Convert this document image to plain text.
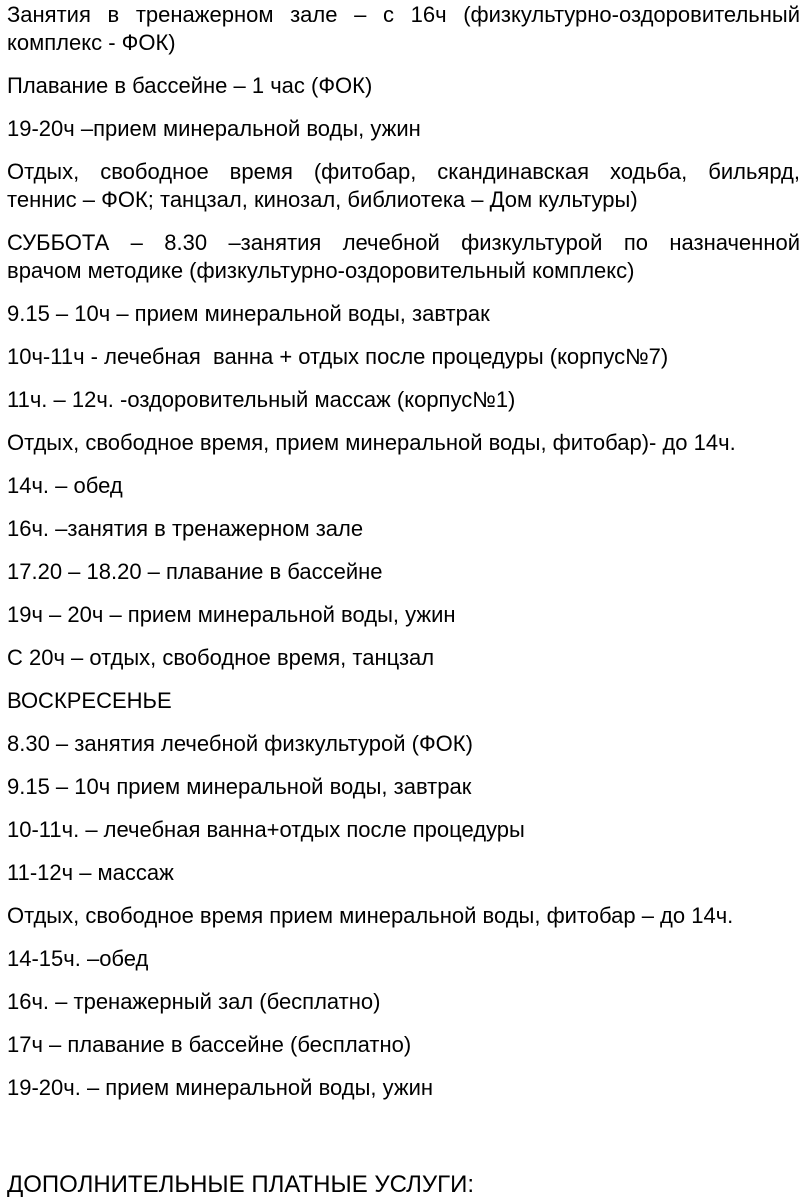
Занятия в тренажерном зале – с 16ч (физкультурно-оздоровительный
комплекс - ФОК)
Плавание в бассейне – 1 час (ФОК)
19-20ч –прием минеральной воды, ужин
Отдых, свободное время (фитобар, скандинавская ходьба, бильярд,
теннис – ФОК; танцзал, кинозал, библиотека – Дом культуры)
СУББОТА – 8.30 –занятия лечебной физкультурой по назначенной
врачом методике (физкультурно-оздоровительный комплекс)
9.15 – 10ч – прием минеральной воды, завтрак
10ч-11ч - лечебная  ванна + отдых после процедуры (корпус№7)
11ч. – 12ч. -оздоровительный массаж (корпус№1)
Отдых, свободное время, прием минеральной воды, фитобар)- до 14ч.
14ч. – обед
16ч. –занятия в тренажерном зале
17.20 – 18.20 – плавание в бассейне
19ч – 20ч – прием минеральной воды, ужин
С 20ч – отдых, свободное время, танцзал
ВОСКРЕСЕНЬЕ
8.30 – занятия лечебной физкультурой (ФОК)
9.15 – 10ч прием минеральной воды, завтрак
10-11ч. – лечебная ванна+отдых после процедуры
11-12ч – массаж
Отдых, свободное время прием минеральной воды, фитобар – до 14ч.
14-15ч. –обед
16ч. – тренажерный зал (бесплатно)
17ч – плавание в бассейне (бесплатно)
19-20ч. – прием минеральной воды, ужин
ДОПОЛНИТЕЛЬНЫЕ ПЛАТНЫЕ УСЛУГИ:
